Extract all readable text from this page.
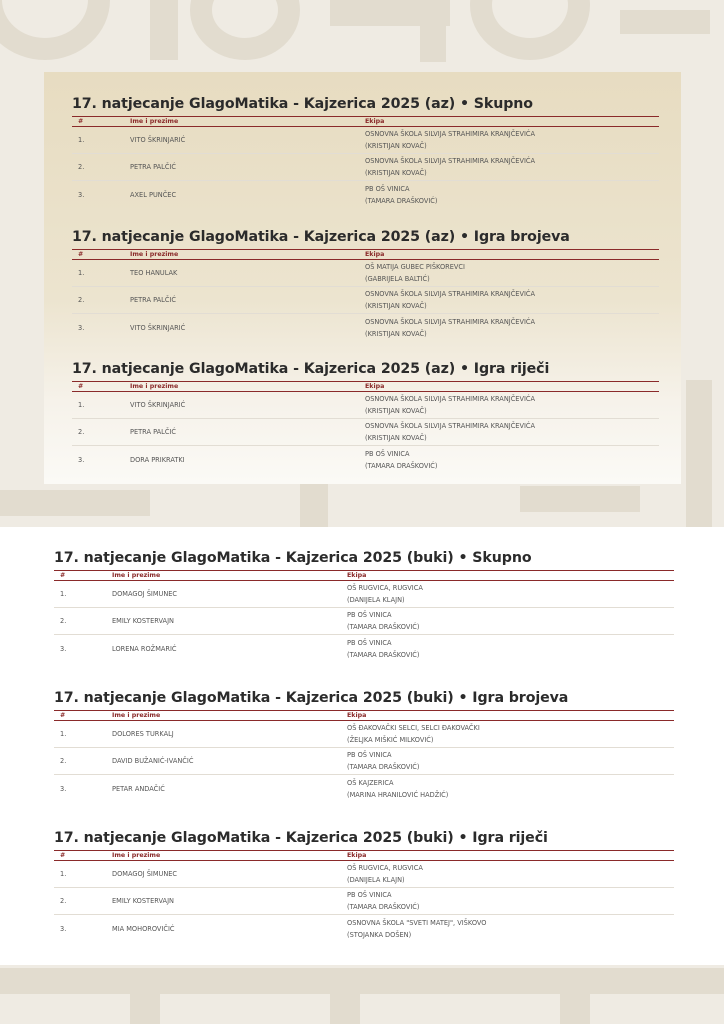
17. natjecanje GlagoMatika - Kajzerica 2025 (az) • Skupno
#	Ime i prezime	Ekipa
1.	VITO ŠKRINJARIĆ
OSNOVNA ŠKOLA SILVIJA STRAHIMIRA KRANJČEVIĆA
(KRISTIJAN KOVAČ)
2.	PETRA PALČIĆ
OSNOVNA ŠKOLA SILVIJA STRAHIMIRA KRANJČEVIĆA
(KRISTIJAN KOVAČ)
3.	AXEL PUNČEC
PB OŠ VINICA
(TAMARA DRAŠKOVIĆ)
17. natjecanje GlagoMatika - Kajzerica 2025 (az) • Igra brojeva
#	Ime i prezime	Ekipa
1.	TEO HANULAK
OŠ MATIJA GUBEC PIŠKOREVCI
(GABRIJELA BALTIĆ)
2.	PETRA PALČIĆ
OSNOVNA ŠKOLA SILVIJA STRAHIMIRA KRANJČEVIĆA
(KRISTIJAN KOVAČ)
3.	VITO ŠKRINJARIĆ
OSNOVNA ŠKOLA SILVIJA STRAHIMIRA KRANJČEVIĆA
(KRISTIJAN KOVAČ)
17. natjecanje GlagoMatika - Kajzerica 2025 (az) • Igra riječi
#	Ime i prezime	Ekipa
1.	VITO ŠKRINJARIĆ
OSNOVNA ŠKOLA SILVIJA STRAHIMIRA KRANJČEVIĆA
(KRISTIJAN KOVAČ)
2.	PETRA PALČIĆ
OSNOVNA ŠKOLA SILVIJA STRAHIMIRA KRANJČEVIĆA
(KRISTIJAN KOVAČ)
3.	DORA PRIKRATKI
PB OŠ VINICA
(TAMARA DRAŠKOVIĆ)
17. natjecanje GlagoMatika - Kajzerica 2025 (buki) • Skupno
#	Ime i prezime	Ekipa
1.	DOMAGOJ ŠIMUNEC
OŠ RUGVICA, RUGVICA
(DANIJELA KLAJN)
2.	EMILY KOSTERVAJN
PB OŠ VINICA
(TAMARA DRAŠKOVIĆ)
3.	LORENA ROŽMARIĆ
PB OŠ VINICA
(TAMARA DRAŠKOVIĆ)
17. natjecanje GlagoMatika - Kajzerica 2025 (buki) • Igra brojeva
#	Ime i prezime	Ekipa
1.	DOLORES TURKALJ
OŠ ĐAKOVAČKI SELCI, SELCI ĐAKOVAČKI
(ŽELJKA MIŠKIĆ MILKOVIĆ)
2.	DAVID BUŽANIĆ-IVANČIĆ
PB OŠ VINICA
(TAMARA DRAŠKOVIĆ)
3.	PETAR ANDAČIĆ
OŠ KAJZERICA
(MARINA HRANILOVIĆ HADŽIĆ)
17. natjecanje GlagoMatika - Kajzerica 2025 (buki) • Igra riječi
#	Ime i prezime	Ekipa
1.	DOMAGOJ ŠIMUNEC
OŠ RUGVICA, RUGVICA
(DANIJELA KLAJN)
2.	EMILY KOSTERVAJN
PB OŠ VINICA
(TAMARA DRAŠKOVIĆ)
3.	MIA MOHOROVIČIĆ
OSNOVNA ŠKOLA "SVETI MATEJ", VIŠKOVO
(STOJANKA DOŠEN)
